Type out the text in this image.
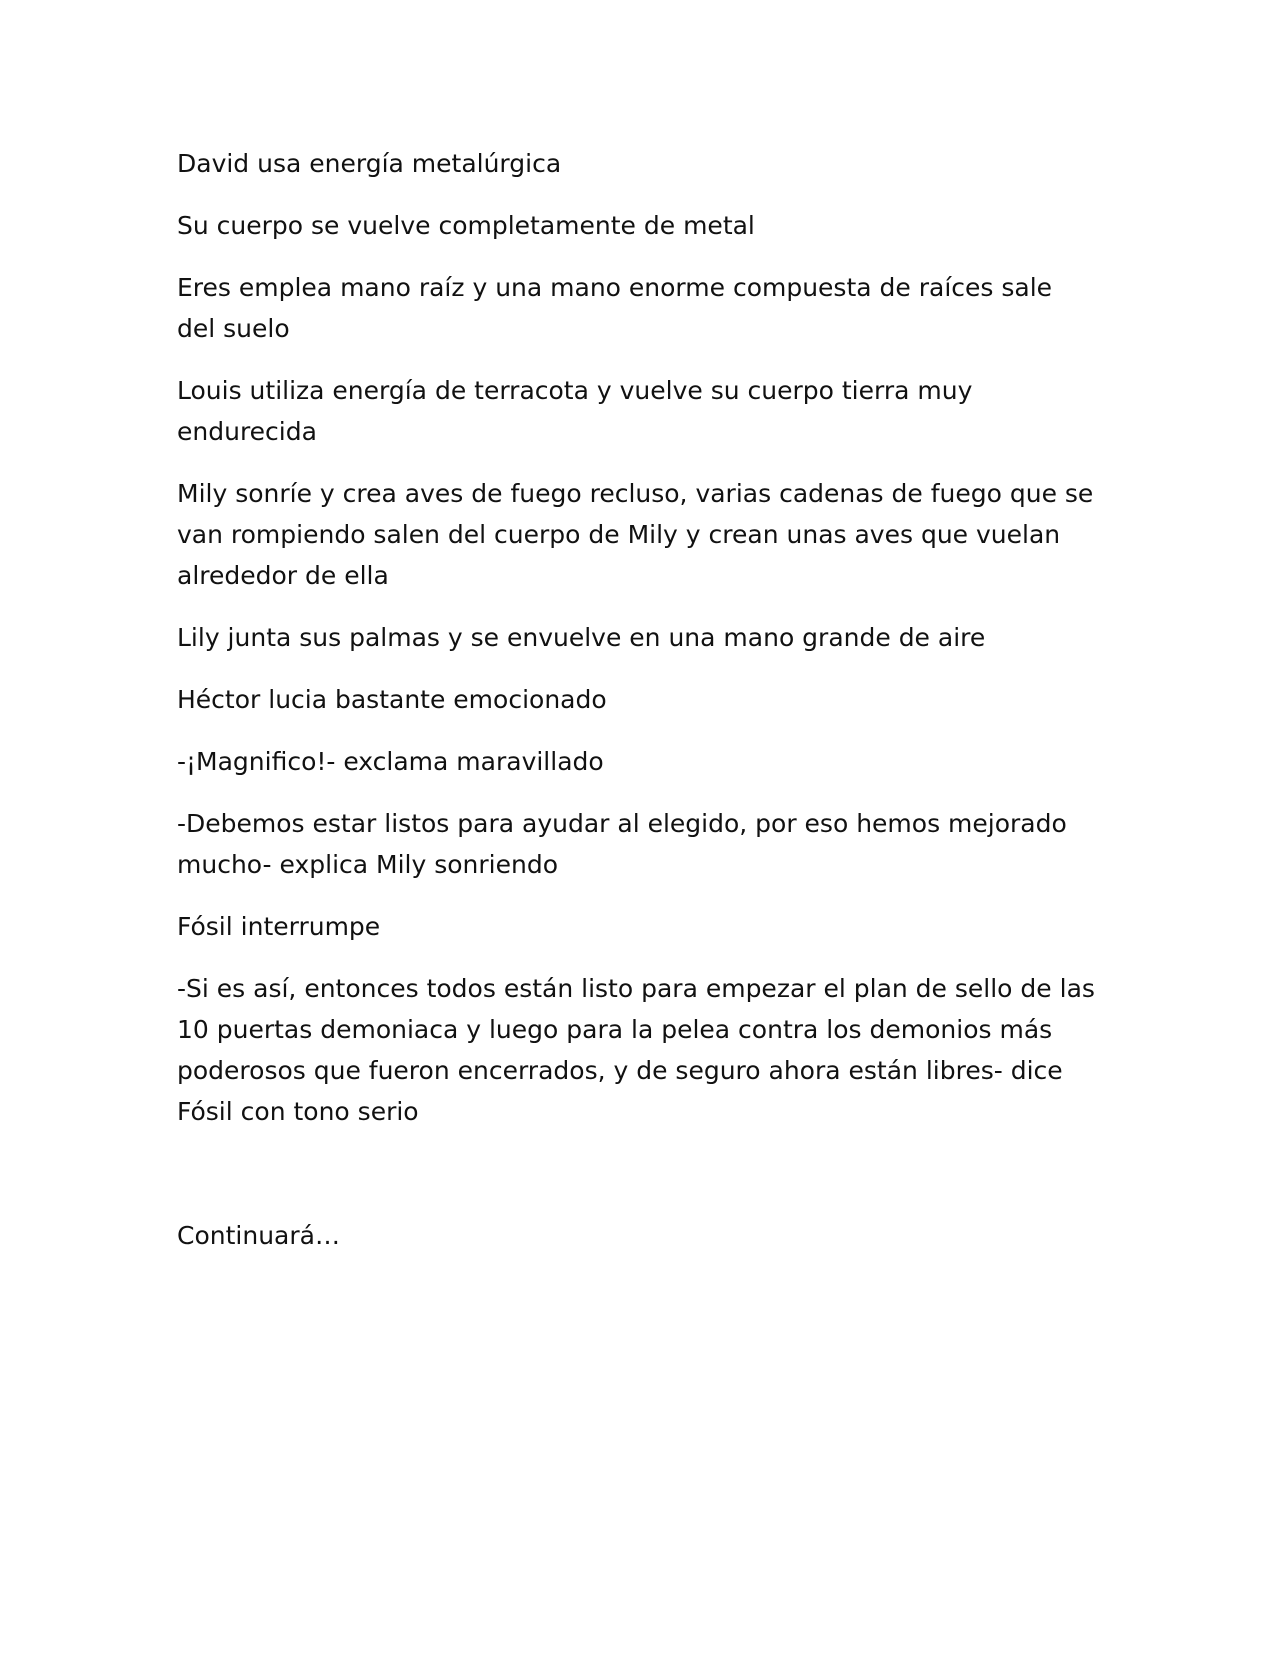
David usa energía metalúrgica

Su cuerpo se vuelve completamente de metal

Eres emplea mano raíz y una mano enorme compuesta de raíces sale del suelo

Louis utiliza energía de terracota y vuelve su cuerpo tierra muy endurecida

Mily sonríe y crea aves de fuego recluso, varias cadenas de fuego que se van rompiendo salen del cuerpo de Mily y crean unas aves que vuelan alrededor de ella

Lily junta sus palmas y se envuelve en una mano grande de aire

Héctor lucia bastante emocionado

-¡Magnifico!- exclama maravillado

-Debemos estar listos para ayudar al elegido, por eso hemos mejorado mucho- explica Mily sonriendo

Fósil interrumpe

-Si es así, entonces todos están listo para empezar el plan de sello de las 10 puertas demoniaca y luego para la pelea contra los demonios más poderosos que fueron encerrados, y de seguro ahora están libres- dice Fósil con tono serio

Continuará…
